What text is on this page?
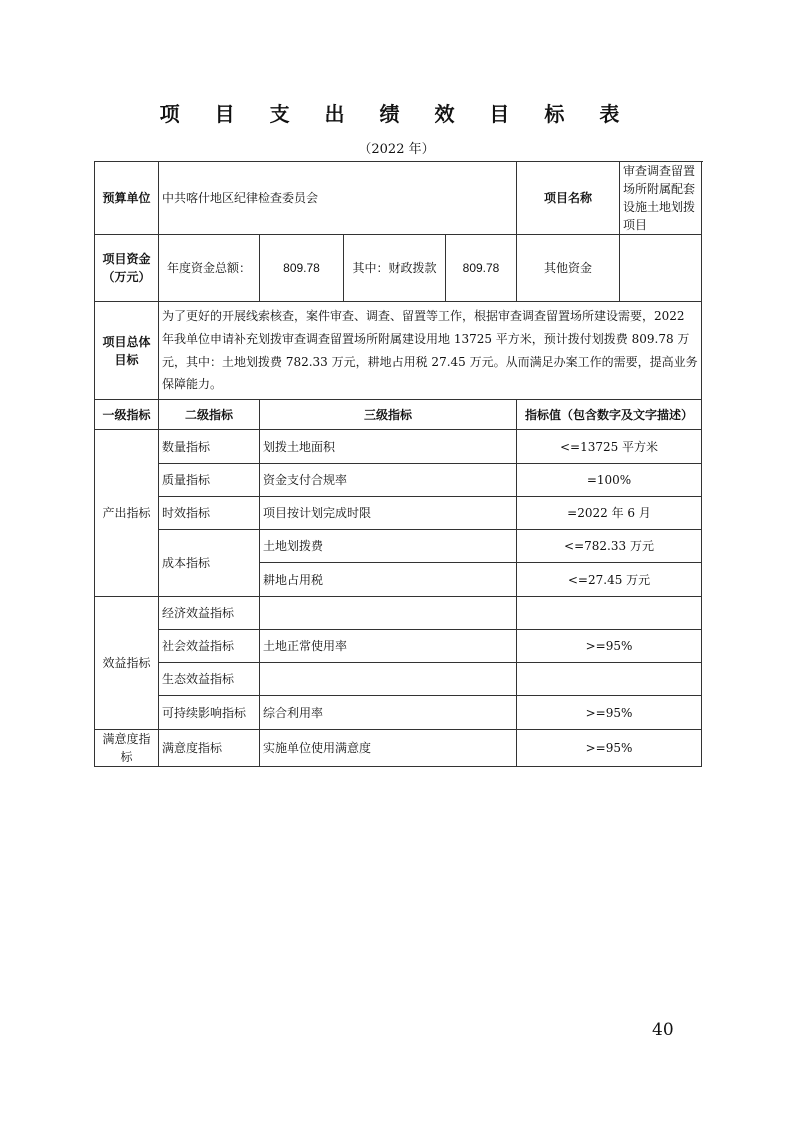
项 目 支 出 绩 效 目 标 表
（2022 年）
预算单位	中共喀什地区纪律检查委员会				项目名称	审查调查留置场所附属配套设施土地划拨项目
项目资金（万元）	年度资金总额：	809.78	其中：财政拨款	809.78	其他资金	
项目总体目标	为了更好的开展线索核查，案件审查、调查、留置等工作，根据审查调查留置场所建设需要，2022 年我单位申请补充划拨审查调查留置场所附属建设用地 13725 平方米，预计拨付划拨费 809.78 万元，其中：土地划拨费 782.33 万元，耕地占用税 27.45 万元。从而满足办案工作的需要，提高业务保障能力。					
一级指标	二级指标	三级指标			指标值（包含数字及文字描述）	
产出指标	数量指标	划拨土地面积			<=13725 平方米	
	质量指标	资金支付合规率			=100%	
	时效指标	项目按计划完成时限			=2022 年 6 月	
	成本指标	土地划拨费			<=782.33 万元	
		耕地占用税			<=27.45 万元	
效益指标	经济效益指标					
	社会效益指标	土地正常使用率			>=95%	
	生态效益指标					
	可持续影响指标	综合利用率			>=95%	
满意度指标	满意度指标	实施单位使用满意度			>=95%	
40
